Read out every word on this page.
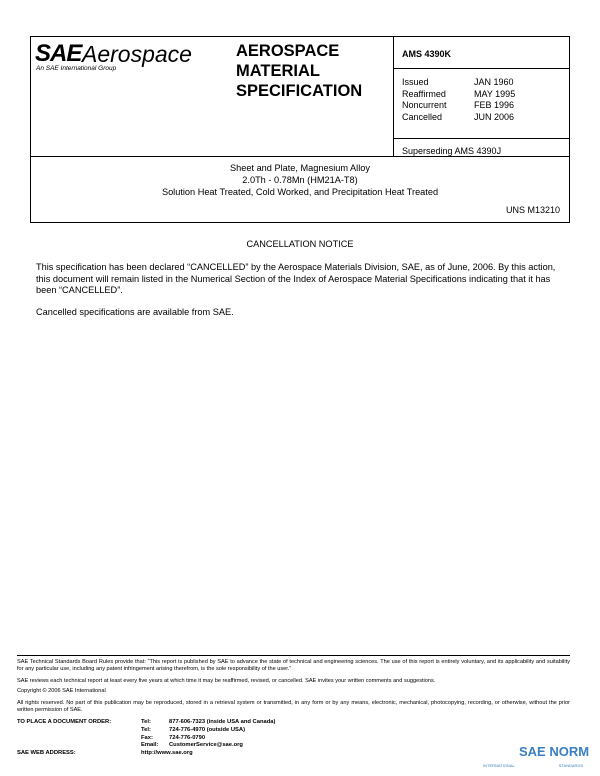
SAE Aerospace
An SAE International Group
AEROSPACE
MATERIAL
SPECIFICATION
AMS 4390K
Issued	JAN 1960
Reaffirmed	MAY 1995
Noncurrent	FEB 1996
Cancelled	JUN 2006
Superseding AMS 4390J
Sheet and Plate, Magnesium Alloy
2.0Th - 0.78Mn (HM21A-T8)
Solution Heat Treated, Cold Worked, and Precipitation Heat Treated
UNS M13210
CANCELLATION NOTICE
This specification has been declared “CANCELLED” by the Aerospace Materials Division, SAE, as of June, 2006. By this action, this document will remain listed in the Numerical Section of the Index of Aerospace Material Specifications indicating that it has been “CANCELLED”.
Cancelled specifications are available from SAE.
SAE Technical Standards Board Rules provide that: “This report is published by SAE to advance the state of technical and engineering sciences. The use of this report is entirely voluntary, and its applicability and suitability for any particular use, including any patent infringement arising therefrom, is the sole responsibility of the user.”
SAE reviews each technical report at least every five years at which time it may be reaffirmed, revised, or cancelled. SAE invites your written comments and suggestions.
Copyright © 2006 SAE International
All rights reserved. No part of this publication may be reproduced, stored in a retrieval system or transmitted, in any form or by any means, electronic, mechanical, photocopying, recording, or otherwise, without the prior written permission of SAE.
TO PLACE A DOCUMENT ORDER:	Tel:	877-606-7323 (inside USA and Canada)
Tel:	724-776-4970 (outside USA)
Fax:	724-776-0790
Email:	CustomerService@sae.org
SAE WEB ADDRESS:	http://www.sae.org	SAE NORM
INTERNATIONAL	STANDARDS
